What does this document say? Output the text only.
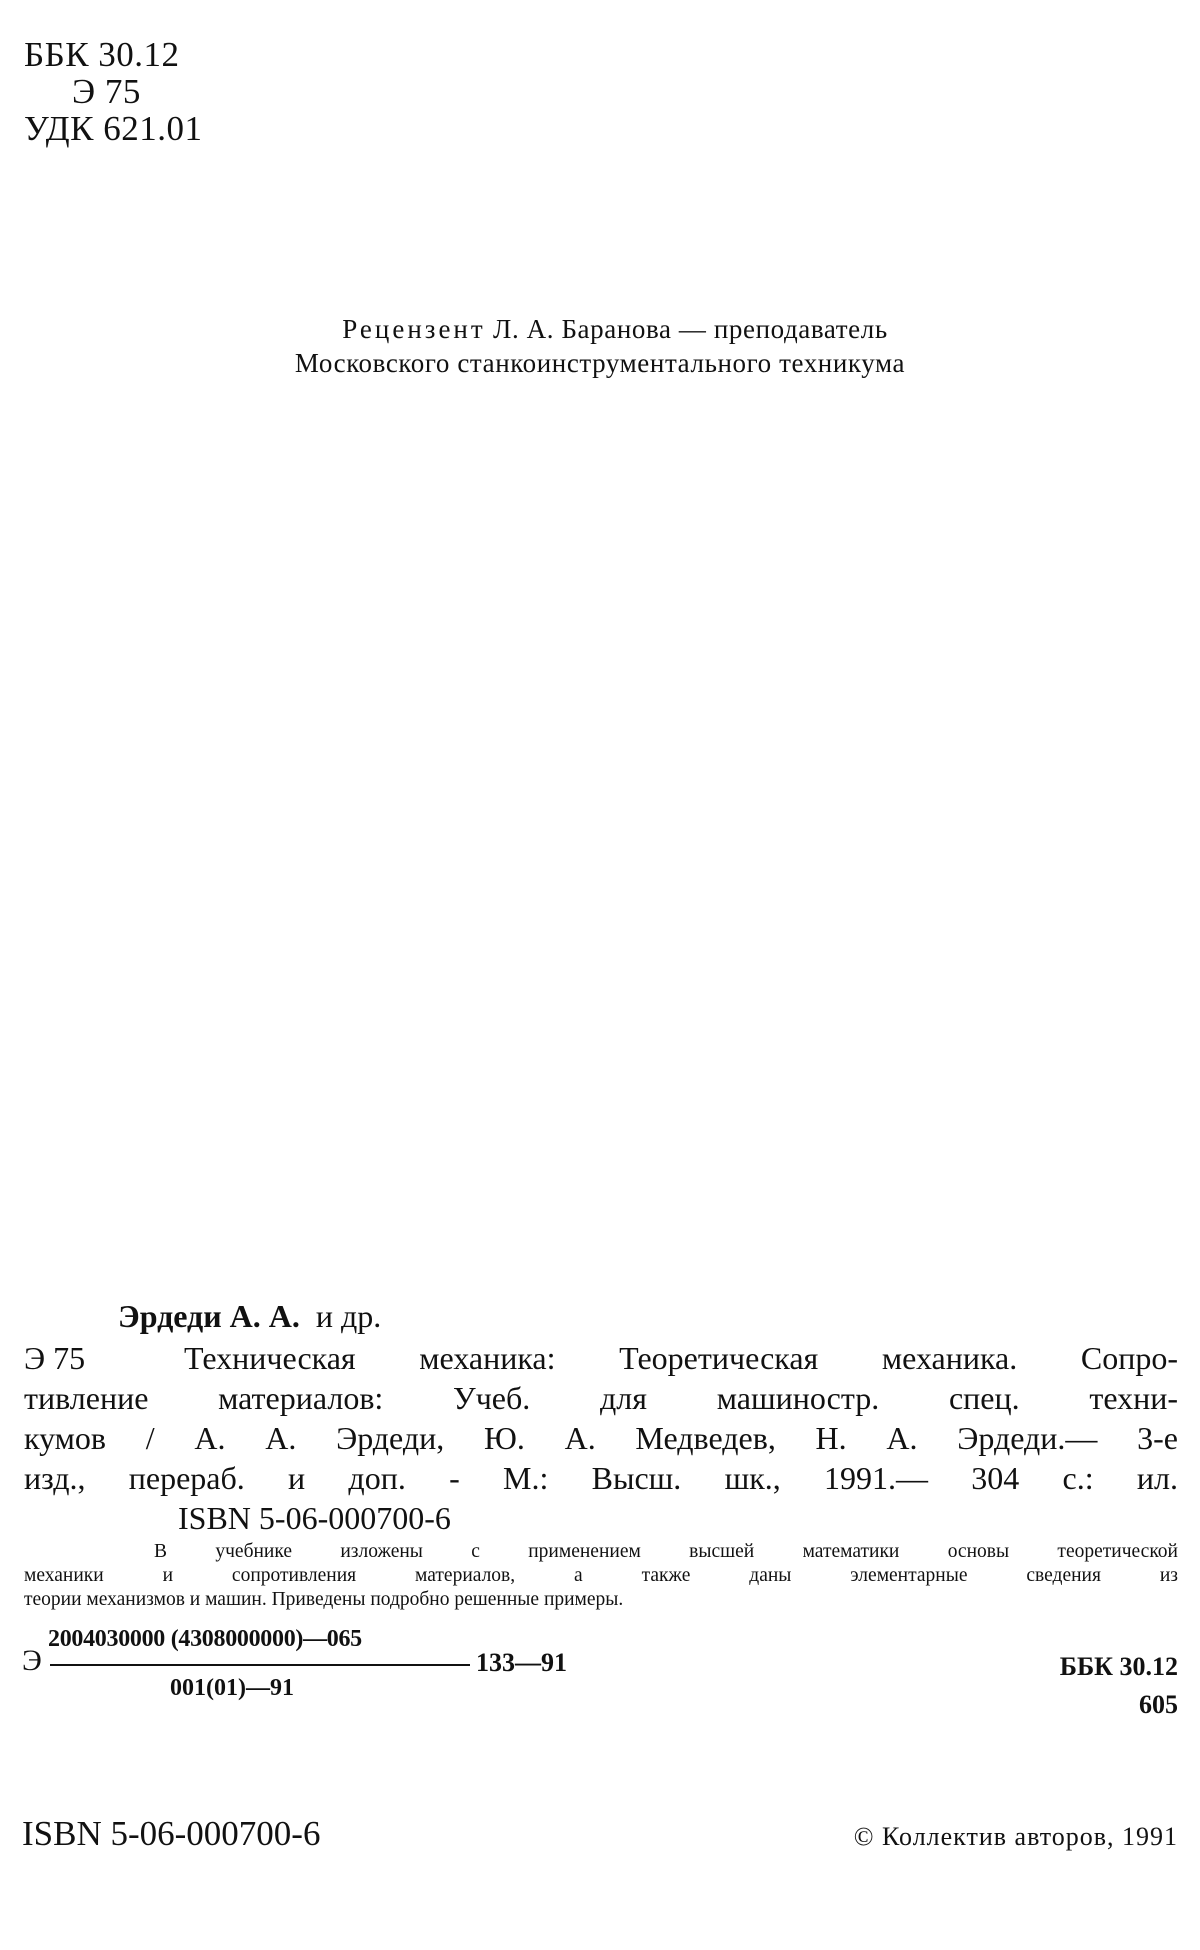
ББК 30.12
Э 75
УДК 621.01
Рецензент Л. А. Баранова — преподаватель
Московского станкоинструментального техникума
Эрдеди А. А. и др.
Э 75	Техническая механика: Теоретическая механика. Сопро-
тивление материалов: Учеб. для машиностр. спец. техни-
кумов / А. А. Эрдеди, Ю. А. Медведев, Н. А. Эрдеди.— 3-е
изд., перераб. и доп. - М.: Высш. шк., 1991.— 304 с.: ил.
ISBN 5-06-000700-6
В учебнике изложены с применением высшей математики основы теоретической
механики и сопротивления материалов, а также даны элементарные сведения из
теории механизмов и машин. Приведены подробно решенные примеры.
Э
2004030000 (4308000000)—065
001(01)—91
133—91	ББК 30.12
605
ISBN 5-06-000700-6	© Коллектив авторов, 1991
